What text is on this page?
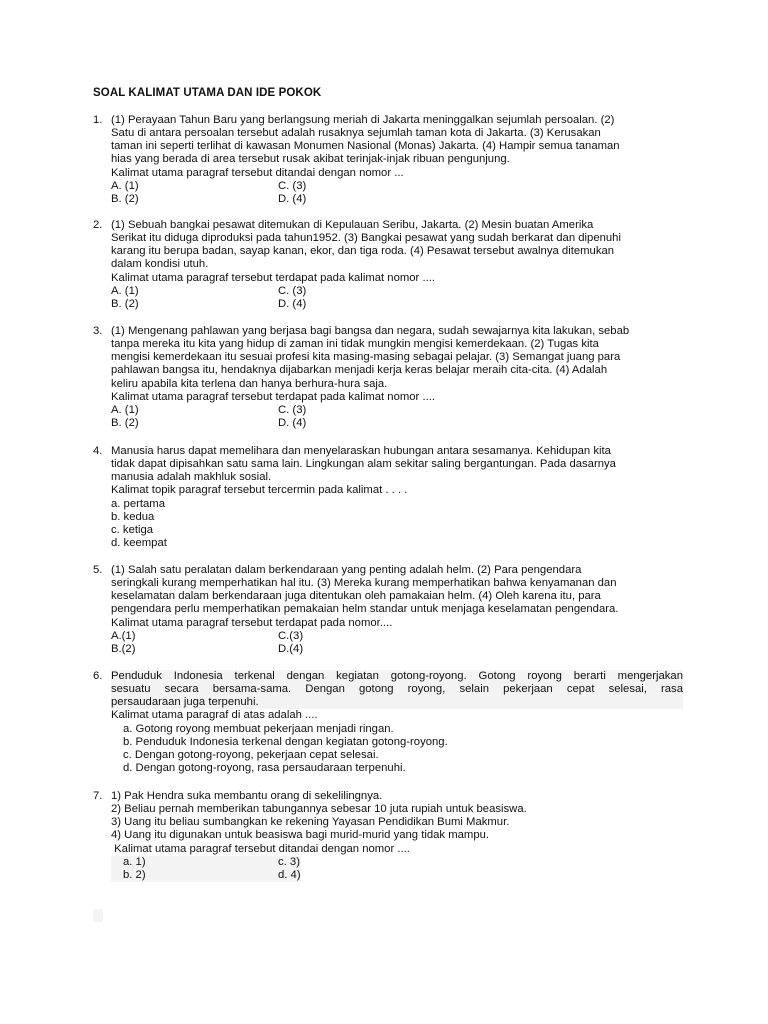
SOAL KALIMAT UTAMA DAN IDE POKOK
1. (1) Perayaan Tahun Baru yang berlangsung meriah di Jakarta meninggalkan sejumlah persoalan. (2)
Satu di antara persoalan tersebut adalah rusaknya sejumlah taman kota di Jakarta. (3) Kerusakan
taman ini seperti terlihat di kawasan Monumen Nasional (Monas) Jakarta. (4) Hampir semua tanaman
hias yang berada di area tersebut rusak akibat terinjak-injak ribuan pengunjung.
Kalimat utama paragraf tersebut ditandai dengan nomor ...
A. (1)	C. (3)
B. (2)	D. (4)
2. (1) Sebuah bangkai pesawat ditemukan di Kepulauan Seribu, Jakarta. (2) Mesin buatan Amerika
Serikat itu diduga diproduksi pada tahun1952. (3) Bangkai pesawat yang sudah berkarat dan dipenuhi
karang itu berupa badan, sayap kanan, ekor, dan tiga roda. (4) Pesawat tersebut awalnya ditemukan
dalam kondisi utuh.
Kalimat utama paragraf tersebut terdapat pada kalimat nomor ....
A. (1)	C. (3)
B. (2)	D. (4)
3. (1) Mengenang pahlawan yang berjasa bagi bangsa dan negara, sudah sewajarnya kita lakukan, sebab
tanpa mereka itu kita yang hidup di zaman ini tidak mungkin mengisi kemerdekaan. (2) Tugas kita
mengisi kemerdekaan itu sesuai profesi kita masing-masing sebagai pelajar. (3) Semangat juang para
pahlawan bangsa itu, hendaknya dijabarkan menjadi kerja keras belajar meraih cita-cita. (4) Adalah
keliru apabila kita terlena dan hanya berhura-hura saja.
Kalimat utama paragraf tersebut terdapat pada kalimat nomor ....
A. (1)	C. (3)
B. (2)	D. (4)
4. Manusia harus dapat memelihara dan menyelaraskan hubungan antara sesamanya. Kehidupan kita
tidak dapat dipisahkan satu sama lain. Lingkungan alam sekitar saling bergantungan. Pada dasarnya
manusia adalah makhluk sosial.
Kalimat topik paragraf tersebut tercermin pada kalimat . . . .
a. pertama
b. kedua
c. ketiga
d. keempat
5. (1) Salah satu peralatan dalam berkendaraan yang penting adalah helm. (2) Para pengendara
seringkali kurang memperhatikan hal itu. (3) Mereka kurang memperhatikan bahwa kenyamanan dan
keselamatan dalam berkendaraan juga ditentukan oleh pamakaian helm. (4) Oleh karena itu, para
pengendara perlu memperhatikan pemakaian helm standar untuk menjaga keselamatan pengendara.
Kalimat utama paragraf tersebut terdapat pada nomor....
A.(1)	C.(3)
B.(2)	D.(4)
6. Penduduk Indonesia terkenal dengan kegiatan gotong-royong. Gotong royong berarti mengerjakan
sesuatu secara bersama-sama. Dengan gotong royong, selain pekerjaan cepat selesai, rasa
persaudaraan juga terpenuhi.
Kalimat utama paragraf di atas adalah ....
a. Gotong royong membuat pekerjaan menjadi ringan.
b. Penduduk Indonesia terkenal dengan kegiatan gotong-royong.
c. Dengan gotong-royong, pekerjaan cepat selesai.
d. Dengan gotong-royong, rasa persaudaraan terpenuhi.
7. 1) Pak Hendra suka membantu orang di sekelilingnya.
2) Beliau pernah memberikan tabungannya sebesar 10 juta rupiah untuk beasiswa.
3) Uang itu beliau sumbangkan ke rekening Yayasan Pendidikan Bumi Makmur.
4) Uang itu digunakan untuk beasiswa bagi murid-murid yang tidak mampu.
Kalimat utama paragraf tersebut ditandai dengan nomor ....
a. 1)	c. 3)
b. 2)	d. 4)
